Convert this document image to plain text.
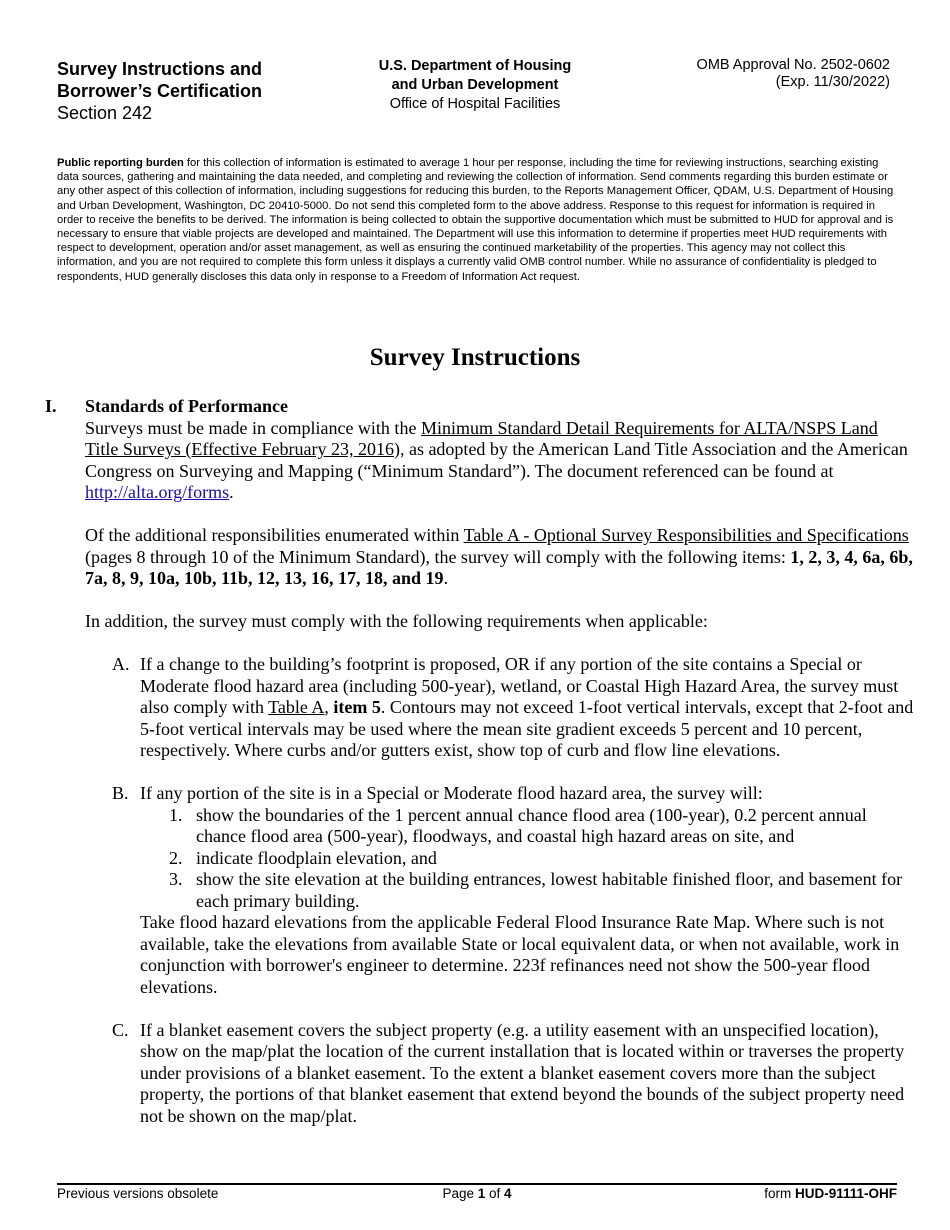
Survey Instructions and
Borrower’s Certification
Section 242
U.S. Department of Housing
and Urban Development
Office of Hospital Facilities
OMB Approval No. 2502-0602
(Exp. 11/30/2022)
Public reporting burden for this collection of information is estimated to average 1 hour per response, including the time for reviewing instructions, searching existing data sources, gathering and maintaining the data needed, and completing and reviewing the collection of information. Send comments regarding this burden estimate or any other aspect of this collection of information, including suggestions for reducing this burden, to the Reports Management Officer, QDAM, U.S. Department of Housing and Urban Development, Washington, DC 20410-5000. Do not send this completed form to the above address. Response to this request for information is required in order to receive the benefits to be derived. The information is being collected to obtain the supportive documentation which must be submitted to HUD for approval and is necessary to ensure that viable projects are developed and maintained. The Department will use this information to determine if properties meet HUD requirements with respect to development, operation and/or asset management, as well as ensuring the continued marketability of the properties. This agency may not collect this information, and you are not required to complete this form unless it displays a currently valid OMB control number. While no assurance of confidentiality is pledged to respondents, HUD generally discloses this data only in response to a Freedom of Information Act request.
Survey Instructions
I. Standards of Performance

Surveys must be made in compliance with the Minimum Standard Detail Requirements for ALTA/NSPS Land Title Surveys (Effective February 23, 2016), as adopted by the American Land Title Association and the American Congress on Surveying and Mapping (“Minimum Standard”). The document referenced can be found at http://alta.org/forms.

Of the additional responsibilities enumerated within Table A - Optional Survey Responsibilities and Specifications (pages 8 through 10 of the Minimum Standard), the survey will comply with the following items: 1, 2, 3, 4, 6a, 6b, 7a, 8, 9, 10a, 10b, 11b, 12, 13, 16, 17, 18, and 19.

In addition, the survey must comply with the following requirements when applicable:

A. If a change to the building’s footprint is proposed, OR if any portion of the site contains a Special or Moderate flood hazard area (including 500-year), wetland, or Coastal High Hazard Area, the survey must also comply with Table A, item 5. Contours may not exceed 1-foot vertical intervals, except that 2-foot and 5-foot vertical intervals may be used where the mean site gradient exceeds 5 percent and 10 percent, respectively. Where curbs and/or gutters exist, show top of curb and flow line elevations.
B. If any portion of the site is in a Special or Moderate flood hazard area, the survey will:
1. show the boundaries of the 1 percent annual chance flood area (100-year), 0.2 percent annual chance flood area (500-year), floodways, and coastal high hazard areas on site, and
2. indicate floodplain elevation, and
3. show the site elevation at the building entrances, lowest habitable finished floor, and basement for each primary building.
Take flood hazard elevations from the applicable Federal Flood Insurance Rate Map. Where such is not available, take the elevations from available State or local equivalent data, or when not available, work in conjunction with borrower's engineer to determine. 223f refinances need not show the 500-year flood elevations.
C. If a blanket easement covers the subject property (e.g. a utility easement with an unspecified location), show on the map/plat the location of the current installation that is located within or traverses the property under provisions of a blanket easement. To the extent a blanket easement covers more than the subject property, the portions of that blanket easement that extend beyond the bounds of the subject property need not be shown on the map/plat.
Previous versions obsolete	Page 1 of 4	form HUD-91111-OHF
